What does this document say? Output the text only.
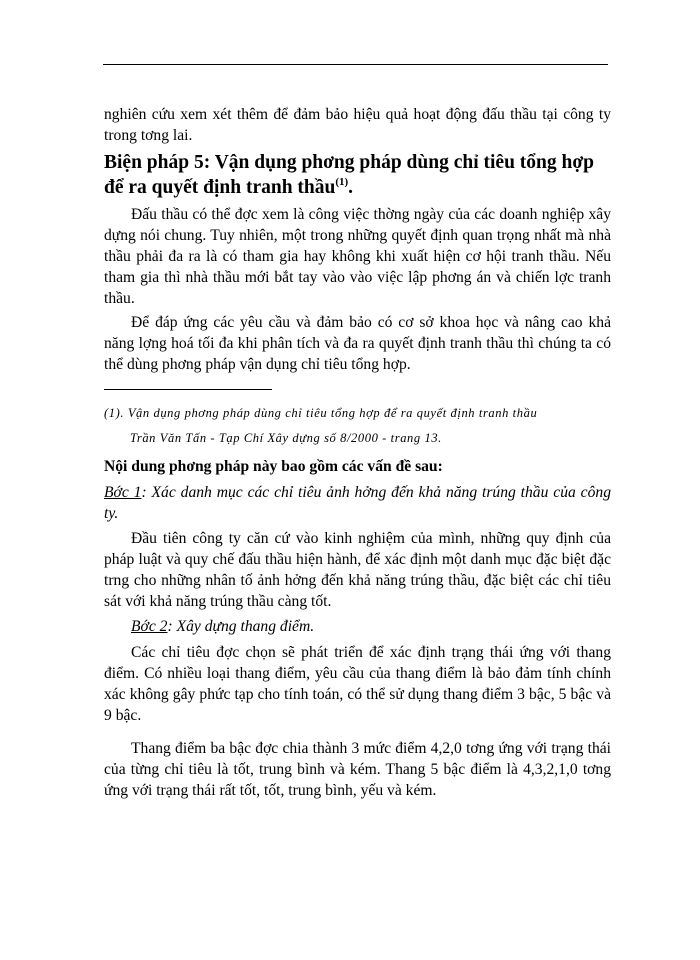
nghiên cứu xem xét thêm để đảm bảo hiệu quả hoạt động đấu thầu tại công ty trong tơng lai.

Biện pháp 5: Vận dụng phơng pháp dùng chỉ tiêu tổng hợp để ra quyết định tranh thầu$^{(1)}$.

Đấu thầu có thể đợc xem là công việc thờng ngày của các doanh nghiệp xây dựng nói chung. Tuy nhiên, một trong những quyết định quan trọng nhất mà nhà thầu phải đa ra là có tham gia hay không khi xuất hiện cơ hội tranh thầu. Nếu tham gia thì nhà thầu mới bắt tay vào vào việc lập phơng án và chiến lợc tranh thầu.

Để đáp ứng các yêu cầu và đảm bảo có cơ sở khoa học và nâng cao khả năng lợng hoá tối đa khi phân tích và đa ra quyết định tranh thầu thì chúng ta có thể dùng phơng pháp vận dụng chỉ tiêu tổng hợp.

(1). Vận dụng phơng pháp dùng chỉ tiêu tổng hợp để ra quyết định tranh thầu

Trần Văn Tấn - Tạp Chí Xây dựng số 8/2000 - trang 13.

Nội dung phơng pháp này bao gồm các vấn đề sau:

Bớc 1: Xác danh mục các chỉ tiêu ảnh hởng đến khả năng trúng thầu của công ty.

Đầu tiên công ty căn cứ vào kinh nghiệm của mình, những quy định của pháp luật và quy chế đấu thầu hiện hành, để xác định một danh mục đặc biệt đặc trng cho những nhân tố ảnh hởng đến khả năng trúng thầu, đặc biệt các chỉ tiêu sát với khả năng trúng thầu càng tốt.

Bớc 2: Xây dựng thang điểm.

Các chỉ tiêu đợc chọn sẽ phát triển để xác định trạng thái ứng với thang điểm. Có nhiều loại thang điểm, yêu cầu của thang điểm là bảo đảm tính chính xác không gây phức tạp cho tính toán, có thể sử dụng thang điểm 3 bậc, 5 bậc và 9 bậc.

Thang điểm ba bậc đợc chia thành 3 mức điểm 4,2,0 tơng ứng với trạng thái của từng chỉ tiêu là tốt, trung bình và kém. Thang 5 bậc điểm là 4,3,2,1,0 tơng ứng với trạng thái rất tốt, tốt, trung bình, yếu và kém.
